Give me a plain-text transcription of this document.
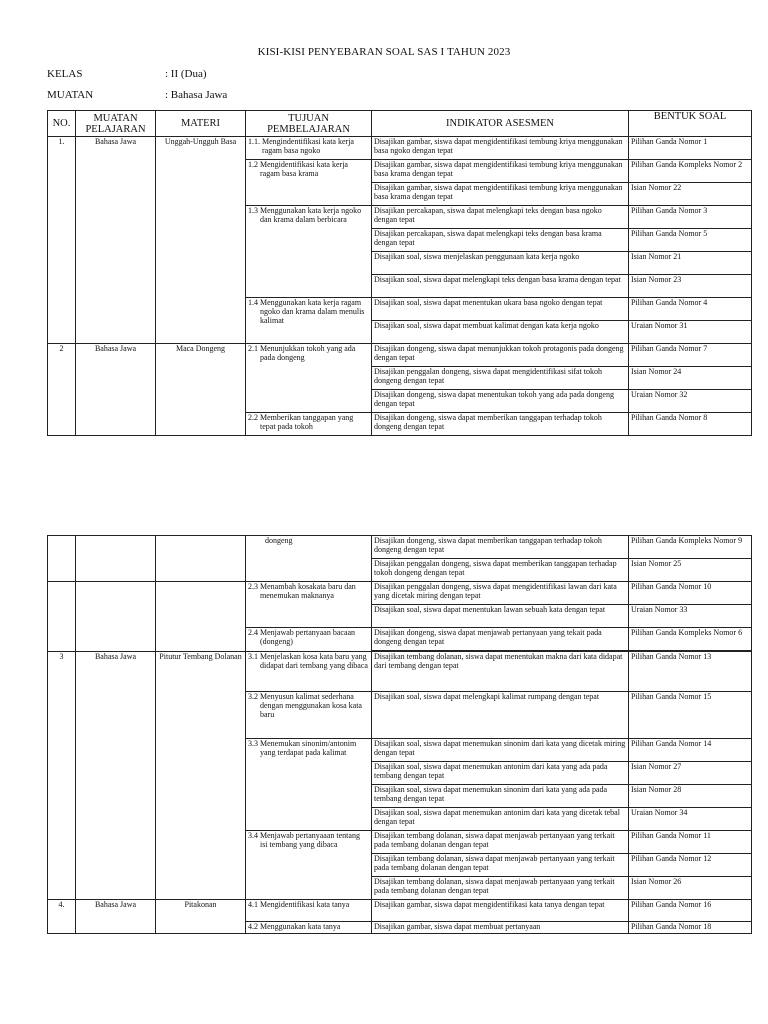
KISI-KISI PENYEBARAN SOAL SAS I TAHUN 2023
KELAS	: II (Dua)
MUATAN	: Bahasa Jawa
NO.	MUATAN PELAJARAN	MATERI	TUJUAN PEMBELAJARAN	INDIKATOR ASESMEN	BENTUK SOAL
1.	Bahasa Jawa	Unggah-Ungguh Basa	1.1. Mengindentifikasi kata kerja ragam basa ngoko	Disajikan gambar, siswa dapat mengidentifikasi tembung kriya menggunakan basa ngoko dengan tepat	Pilihan Ganda Nomor 1

			1.2 Mengidentifikasi kata kerja ragam basa krama	Disajikan gambar, siswa dapat mengidentifikasi tembung kriya menggunakan basa krama dengan tepat	Pilihan Ganda Kompleks Nomor 2
				Disajikan gambar, siswa dapat mengidentifikasi tembung kriya menggunakan basa krama dengan tepat	Isian Nomor 22

			1.3 Menggunakan kata kerja ngoko dan krama dalam berbicara	Disajikan percakapan, siswa dapat melengkapi teks dengan basa ngoko dengan tepat	Pilihan Ganda Nomor 3
				Disajikan percakapan, siswa dapat melengkapi teks dengan basa krama dengan tepat	Pilihan Ganda Nomor 5
				Disajikan soal, siswa menjelaskan penggunaan kata kerja ngoko	Isian Nomor 21
				Disajikan soal, siswa dapat melengkapi teks dengan basa krama dengan tepat	Isian Nomor 23

			1.4 Menggunakan kata kerja ragam ngoko dan krama dalam menulis kalimat	Disajikan soal, siswa dapat menentukan ukara basa ngoko dengan tepat	Pilihan Ganda Nomor 4
				Disajikan soal, siswa dapat membuat kalimat dengan kata kerja ngoko	Uraian Nomor 31
2	Bahasa Jawa	Maca Dongeng	2.1 Menunjukkan tokoh yang ada pada dongeng	Disajikan dongeng, siswa dapat menunjukkan tokoh protagonis pada dongeng dengan tepat	Pilihan Ganda Nomor 7
				Disajikan penggalan dongeng, siswa dapat mengidentifikasi sifat tokoh dongeng dengan tepat	Isian Nomor 24
				Disajikan dongeng, siswa dapat menentukan tokoh yang ada pada dongeng dengan tepat	Uraian Nomor 32

			2.2 Memberikan tanggapan yang tepat pada tokoh	Disajikan dongeng, siswa dapat memberikan tanggapan terhadap tokoh dongeng dengan tepat	Pilihan Ganda Nomor 8

			dongeng	Disajikan dongeng, siswa dapat memberikan tanggapan terhadap tokoh dongeng dengan tepat	Pilihan Ganda Kompleks Nomor 9
				Disajikan penggalan dongeng, siswa dapat memberikan tanggapan terhadap tokoh dongeng dengan tepat	Isian Nomor 25

			2.3 Menambah kosakata baru dan menemukan maknanya	Disajikan penggalan dongeng, siswa dapat mengidentifikasi lawan dari kata yang dicetak miring dengan tepat	Pilihan Ganda Nomor 10
				Disajikan soal, siswa dapat menentukan lawan sebuah kata dengan tepat	Uraian Nomor 33

			2.4 Menjawab pertanyaan bacaan (dongeng)	Disajikan dongeng, siswa dapat menjawab pertanyaan yang tekait pada dongeng dengan tepat	Pilihan Ganda Kompleks Nomor 6

3	Bahasa Jawa	Pitutur Tembang Dolanan	3.1 Menjelaskan kosa kata baru yang didapat dari tembang yang dibaca	Disajikan tembang dolanan, siswa dapat menentukan makna dari kata didapat dari tembang dengan tepat	Pilihan Ganda Nomor 13

			3.2 Menyusun kalimat sederhana dengan menggunakan kosa kata baru	Disajikan soal, siswa dapat melengkapi kalimat rumpang dengan tepat	Pilihan Ganda Nomor 15

			3.3 Menemukan sinonim/antonim yang terdapat pada kalimat	Disajikan soal, siswa dapat menemukan sinonim dari kata yang dicetak miring dengan tepat	Pilihan Ganda Nomor 14
				Disajikan soal, siswa dapat menemukan antonim dari kata yang ada pada tembang dengan tepat	Isian Nomor 27
				Disajikan soal, siswa dapat menemukan sinonim dari kata yang ada pada tembang dengan tepat	Isian Nomor 28
				Disajikan soal, siswa dapat menemukan antonim dari kata yang dicetak tebal dengan tepat	Uraian Nomor 34

			3.4 Menjawab pertanyaaan tentang isi tembang yang dibaca	Disajikan tembang dolanan, siswa dapat menjawab pertanyaan yang terkait pada tembang dolanan dengan tepat	Pilihan Ganda Nomor 11
				Disajikan tembang dolanan, siswa dapat menjawab pertanyaan yang terkait pada tembang dolanan dengan tepat	Pilihan Ganda Nomor 12
				Disajikan tembang dolanan, siswa dapat menjawab pertanyaan yang terkait pada tembang dolanan dengan tepat	Isian Nomor 26
4.	Bahasa Jawa	Pitakonan	4.1 Mengidentifikasi kata tanya	Disajikan gambar, siswa dapat mengidentifikasi kata tanya dengan tepat	Pilihan Ganda Nomor 16

			4.2 Menggunakan kata tanya	Disajikan gambar, siswa dapat membuat pertanyaan	Pilihan Ganda Nomor 18
